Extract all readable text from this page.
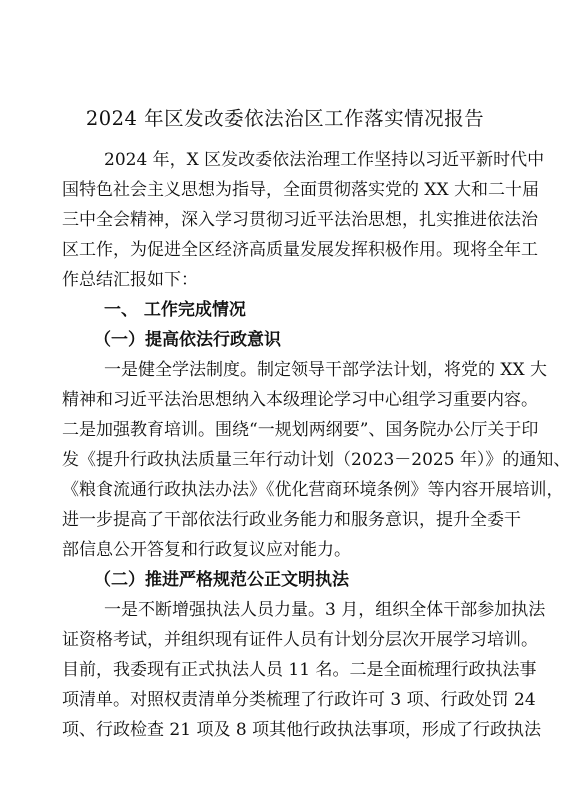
2024 年区发改委依法治区工作落实情况报告
2024 年，X 区发改委依法治理工作坚持以习近平新时代中
国特色社会主义思想为指导，全面贯彻落实党的 XX 大和二十届
三中全会精神，深入学习贯彻习近平法治思想，扎实推进依法治
区工作，为促进全区经济高质量发展发挥积极作用。现将全年工
作总结汇报如下：
一、 工作完成情况
（一）提高依法行政意识
一是健全学法制度。制定领导干部学法计划，将党的 XX 大
精神和习近平法治思想纳入本级理论学习中心组学习重要内容。
二是加强教育培训。围绕“一规划两纲要”、国务院办公厅关于印
发《提升行政执法质量三年行动计划（2023－2025 年）》的通知、
《粮食流通行政执法办法》《优化营商环境条例》等内容开展培训，
进一步提高了干部依法行政业务能力和服务意识，提升全委干
部信息公开答复和行政复议应对能力。
（二）推进严格规范公正文明执法
一是不断增强执法人员力量。3 月，组织全体干部参加执法
证资格考试，并组织现有证件人员有计划分层次开展学习培训。
目前，我委现有正式执法人员 11 名。二是全面梳理行政执法事
项清单。对照权责清单分类梳理了行政许可 3 项、行政处罚 24
项、行政检查 21 项及 8 项其他行政执法事项，形成了行政执法
